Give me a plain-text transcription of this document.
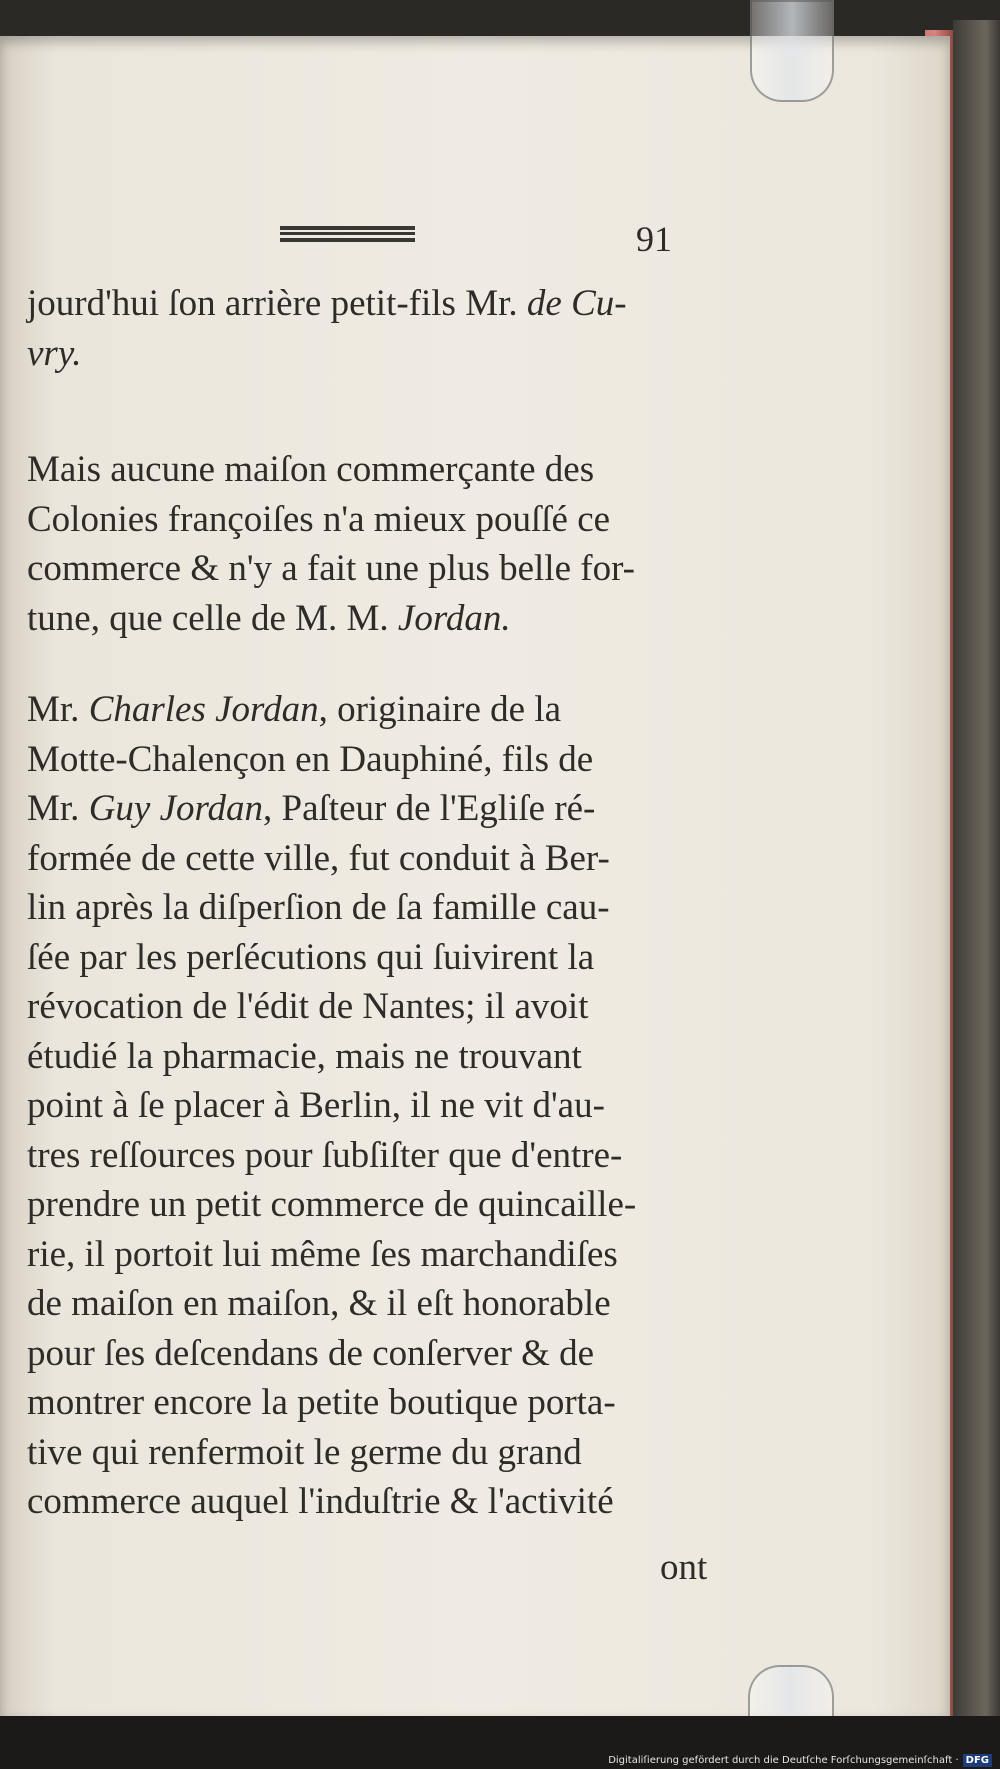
91

jourd'hui ſon arrière petit-fils Mr. de Cu-
vry.

Mais aucune maiſon commerçante des
Colonies françoiſes n'a mieux pouſſé ce
commerce & n'y a fait une plus belle for-
tune, que celle de M. M. Jordan.

Mr. Charles Jordan, originaire de la
Motte-Chalençon en Dauphiné, fils de
Mr. Guy Jordan, Paſteur de l'Egliſe ré-
formée de cette ville, fut conduit à Ber-
lin après la diſperſion de ſa famille cau-
ſée par les perſécutions qui ſuivirent la
révocation de l'édit de Nantes; il avoit
étudié la pharmacie, mais ne trouvant
point à ſe placer à Berlin, il ne vit d'au-
tres reſſources pour ſubſiſter que d'entre-
prendre un petit commerce de quincaille-
rie, il portoit lui même ſes marchandiſes
de maiſon en maiſon, & il eſt honorable
pour ſes deſcendans de conſerver & de
montrer encore la petite boutique porta-
tive qui renfermoit le germe du grand
commerce auquel l'induſtrie & l'activité

ont
Digitaliſierung gefördert durch die Deutſche Forſchungsgemeinſchaft · DFG
